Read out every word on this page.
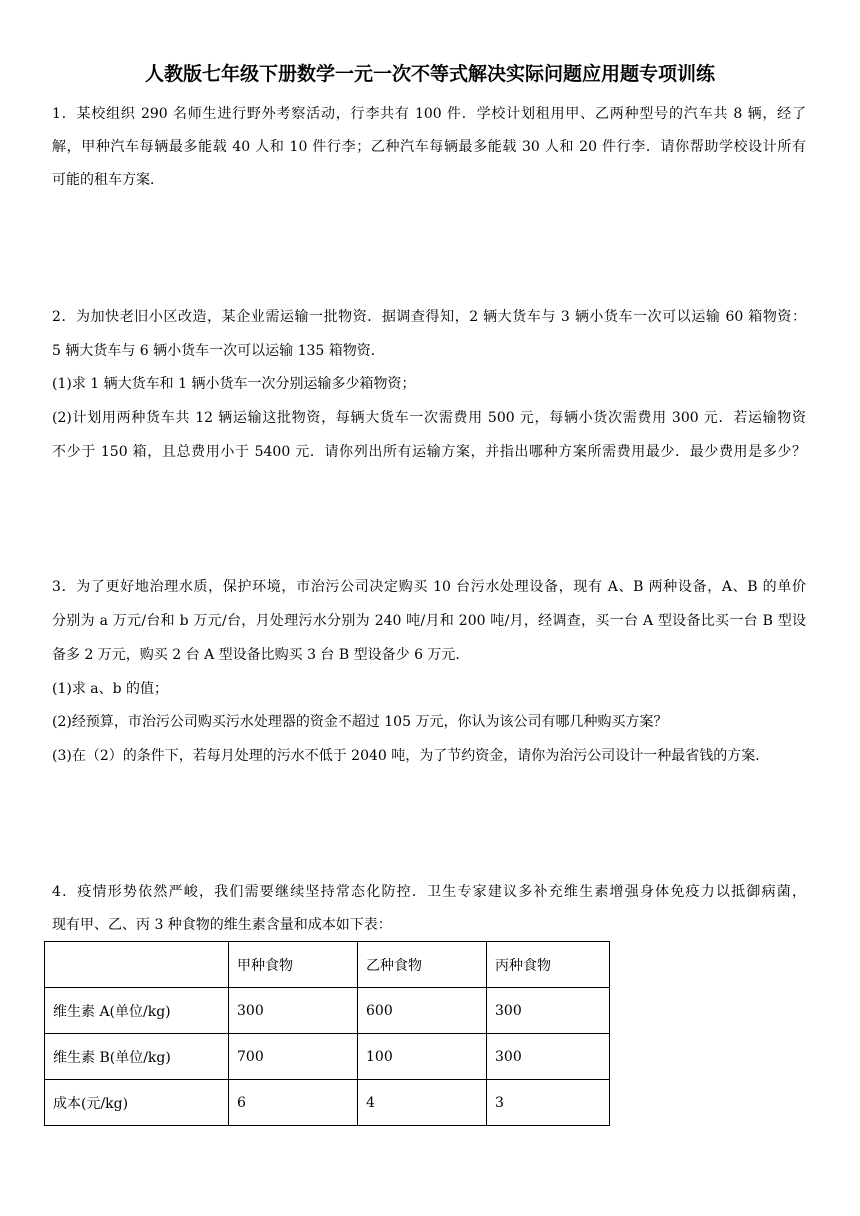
人教版七年级下册数学一元一次不等式解决实际问题应用题专项训练
1．某校组织 290 名师生进行野外考察活动，行李共有 100 件．学校计划租用甲、乙两种型号的汽车共 8 辆，经了
解，甲种汽车每辆最多能载 40 人和 10 件行李；乙种汽车每辆最多能载 30 人和 20 件行李．请你帮助学校设计所有
可能的租车方案．
2．为加快老旧小区改造，某企业需运输一批物资．据调查得知，2 辆大货车与 3 辆小货车一次可以运输 60 箱物资：
5 辆大货车与 6 辆小货车一次可以运输 135 箱物资．
(1)求 1 辆大货车和 1 辆小货车一次分别运输多少箱物资；
(2)计划用两种货车共 12 辆运输这批物资，每辆大货车一次需费用 500 元，每辆小货次需费用 300 元．若运输物资
不少于 150 箱，且总费用小于 5400 元．请你列出所有运输方案，并指出哪种方案所需费用最少．最少费用是多少？
3．为了更好地治理水质，保护环境，市治污公司决定购买 10 台污水处理设备，现有 A、B 两种设备，A、B 的单价
分别为 a 万元/台和 b 万元/台，月处理污水分别为 240 吨/月和 200 吨/月，经调查，买一台 A 型设备比买一台 B 型设
备多 2 万元，购买 2 台 A 型设备比购买 3 台 B 型设备少 6 万元．
(1)求 a、b 的值；
(2)经预算，市治污公司购买污水处理器的资金不超过 105 万元，你认为该公司有哪几种购买方案？
(3)在（2）的条件下，若每月处理的污水不低于 2040 吨，为了节约资金，请你为治污公司设计一种最省钱的方案．
4．疫情形势依然严峻，我们需要继续坚持常态化防控．卫生专家建议多补充维生素增强身体免疫力以抵御病菌，
现有甲、乙、丙 3 种食物的维生素含量和成本如下表：
	甲种食物	乙种食物	丙种食物
维生素 A(单位/kg)	300	600	300
维生素 B(单位/kg)	700	100	300
成本(元/kg)	6	4	3
